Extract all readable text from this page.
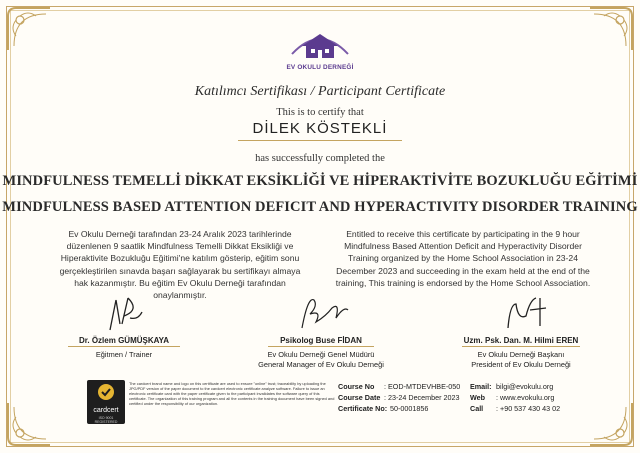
EV OKULU DERNEĞİ
Katılımcı Sertifikası / Participant Certificate
This is to certify that
DİLEK KÖSTEKLİ
has successfully completed the
MINDFULNESS TEMELLİ DİKKAT EKSİKLİĞİ VE HİPERAKTİVİTE BOZUKLUĞU EĞİTİMİ
MINDFULNESS BASED ATTENTION DEFICIT AND HYPERACTIVITY DISORDER TRAINING
Ev Okulu Derneği tarafından 23-24 Aralık 2023 tarihlerinde düzenlenen 9 saatlik Mindfulness Temelli Dikkat Eksikliği ve Hiperaktivite Bozukluğu Eğitimi'ne katılım gösterip, eğitim sonu gerçekleştirilen sınavda başarı sağlayarak bu sertifikayı almaya hak kazanmıştır. Bu eğitim Ev Okulu Derneği tarafından onaylanmıştır.
Entitled to receive this certificate by participating in the 9 hour Mindfulness Based Attention Deficit and Hyperactivity Disorder Training organized by the Home School Association in 23-24 December 2023 and succeeding in the exam held at the end of the training, This training is endorsed by the Home School Association.
Dr. Özlem GÜMÜŞKAYA
Eğitmen / Trainer
Psikolog Buse FİDAN
Ev Okulu Derneği Genel Müdürü
General Manager of Ev Okulu Derneği
Uzm. Psk. Dan. M. Hilmi EREN
Ev Okulu Derneği Başkanı
President of Ev Okulu Derneği
cardcert
ISO 9001 REGISTERED
The cardcert brand name and logo on this certificate are used to ensure "online" trust; traceability by uploading the JPG/PDF version of the paper document to the cardcert electronic certificate analyze software. Failure to issue an electronic certificate card with the paper certificate given to the participant invalidates the software query of this certificate. The organization of this training program and all the contents in the training document have been signed and certified under the responsibility of our organization.
Course No : EOD-MTDEVHBE-050
Course Date : 23-24 December 2023
Certificate No: 50-0001856
Email: bilgi@evokulu.org
Web : www.evokulu.org
Call : +90 537 430 43 02
